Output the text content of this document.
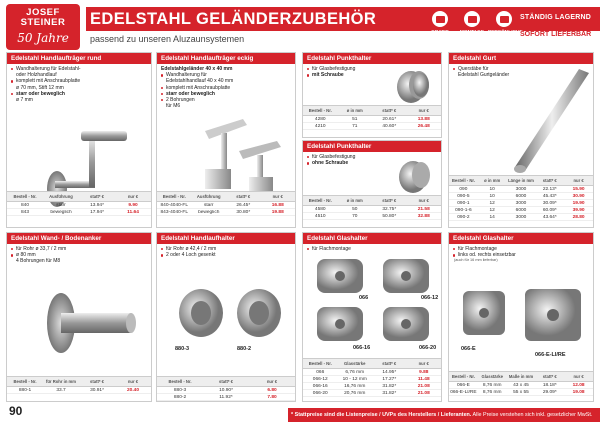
JOSEF
STEINER
50 Jahre
EDELSTAHL GELÄNDERZUBEHÖR
passend zu unseren Aluzaunsystemen
GRATIS AUSMESSEN
MONTAGE AUF WUNSCH
PERSÖNLICHE BERATUNG
STÄNDIG LAGERND
SOFORT LIEFERBAR
Edelstahl Handlaufträger rund
Wandhalterung für Edelstahl-
oder Holzhandlauf
komplett mit Anschraubplatte
ø 70 mm, Stift 12 mm
starr oder beweglich
ø 7 mm
Bestell - Nr.	Ausführung	statt* €	nur €
840	starr	13.94*	9.90
843	beweglich	17.94*	11.64
Edelstahl Handlaufträger eckig
Edelstahlgeländer 40 x 40 mm
Wandhalterung für
Edelstahlhandlauf 40 x 40 mm
komplett mit Anschraubplatte
starr oder beweglich
2 Bohrungen
für M6
Bestell - Nr.	Ausführung	statt* €	nur €
840-4040-FL	starr	26.45*	16.88
843-4040-FL	beweglich	30.80*	19.88
Edelstahl Punkthalter
für Glasbefestigung
mit Schraube
Bestell - Nr.	ø in mm	statt* €	nur €
4280	51	20.61*	13.88
4210	71	40.60*	26.48
Edelstahl Punkthalter
für Glasbefestigung
ohne Schraube
Bestell - Nr.	ø in mm	statt* €	nur €
4580	50	32.75*	21.58
4510	70	50.80*	32.88
Edelstahl Gurt
Querstäbe für
Edelstahl Gurtgeländer
Bestell - Nr.	ø in mm	Länge in mm	statt* €	nur €
090	10	3000	22.13*	15.90
090-5	10	6000	45.43*	30.90
090-1	12	3000	30.09*	19.90
090-1-6	12	6000	60.09*	39.90
090-2	14	3000	43.64*	28.80
Edelstahl Wand- / Bodenanker
für Rohr ø 33,7 / 2 mm
ø 80 mm
4 Bohrungen für M8
Bestell - Nr.	für Rohr in mm	statt* €	nur €
880-1	33.7	30.91*	20.40
Edelstahl Handlaufhalter
für Rohr ø 42,4 / 2 mm
2 oder 4 Loch gesenkt
880-3	880-2
Bestell - Nr.	statt* €	nur €
880-3	10.90*	6.80
880-2	11.92*	7.80
Edelstahl Glashalter
für Flachmontage
066	066-12
066-16	066-20
Bestell - Nr.	Glasstärke	statt* €	nur €
066	6,76 mm	14.95*	9.88
066-12	10 - 12 mm	17.27*	11.48
066-16	16,76 mm	31.82*	21.08
066-20	20,76 mm	31.82*	21.08
Edelstahl Glashalter
für Flachmontage
links od. rechts einsetzbar
(auch für 16 mm lieferbar)
066-E
066-E-LI/RE
Bestell - Nr.	Glasstärke	Maße in mm	statt* €	nur €
066-E	8,76 mm	43 x 45	18.18*	12.08
066-E-LI/RE	8,76 mm	55 x 55	29.09*	19.08
90	* Stattpreise sind die Listenpreise / UVPs des Herstellers / Lieferanten. Alle Preise verstehen sich inkl. gesetzlicher MwSt.
